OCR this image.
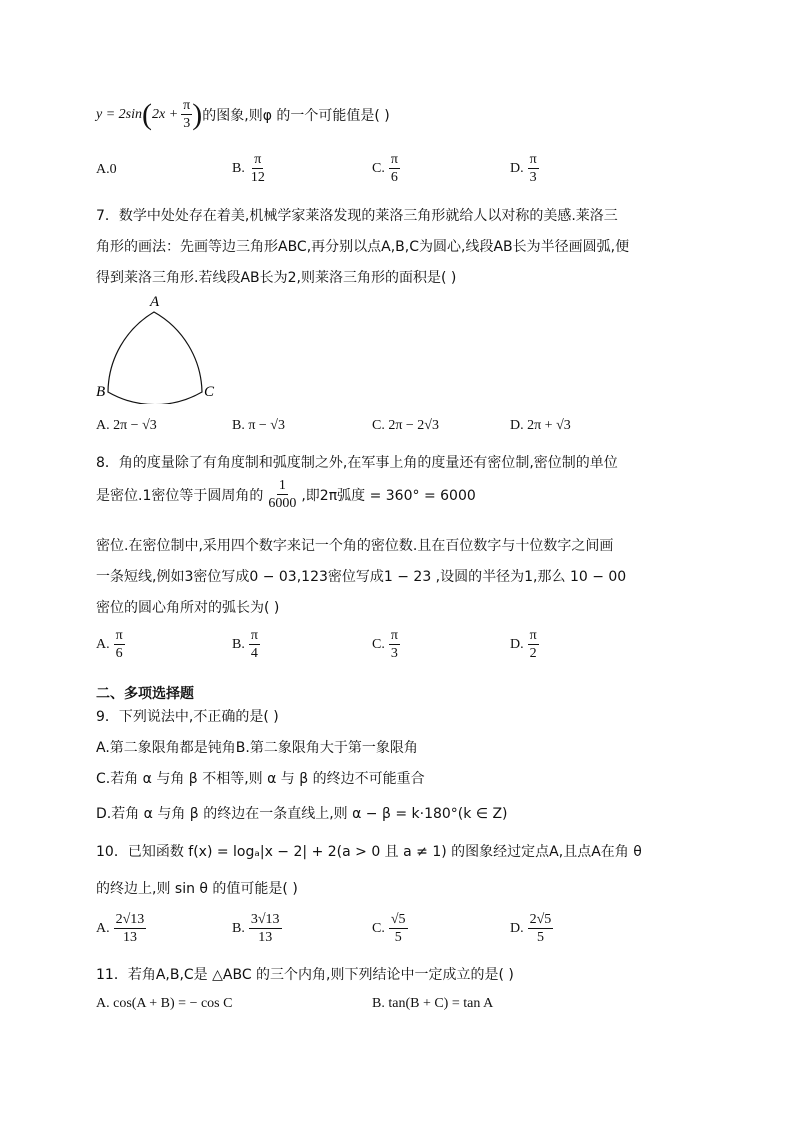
y = 2sin ( $2x + \frac{\pi}{3}$ ) 的图象,则φ 的一个可能值是( )
A.0	B. $\frac{\pi}{12}$	C. $\frac{\pi}{6}$	D. $\frac{\pi}{3}$
7．数学中处处存在着美,机械学家莱洛发现的莱洛三角形就给人以对称的美感.莱洛三
角形的画法：先画等边三角形ABC,再分别以点A,B,C为圆心,线段AB长为半径画圆弧,便
得到莱洛三角形.若线段AB长为2,则莱洛三角形的面积是( )
A
B	C
A. 2π − √3	B. π − √3	C. 2π − 2√3	D. 2π + √3
8．角的度量除了有角度制和弧度制之外,在军事上角的度量还有密位制,密位制的单位
是密位.1密位等于圆周角的 $\frac{1}{6000}$ ,即2π弧度 = 360° = 6000
密位.在密位制中,采用四个数字来记一个角的密位数.且在百位数字与十位数字之间画
一条短线,例如3密位写成0 − 03,123密位写成1 − 23 ,设圆的半径为1,那么 10 − 00
密位的圆心角所对的弧长为( )
A. $\frac{\pi}{6}$	B. $\frac{\pi}{4}$	C. $\frac{\pi}{3}$	D. $\frac{\pi}{2}$
二、多项选择题
9．下列说法中,不正确的是( )
A.第二象限角都是钝角B.第二象限角大于第一象限角
C.若角 α 与角 β 不相等,则 α 与 β 的终边不可能重合
D.若角 α 与角 β 的终边在一条直线上,则 α − β = k·180°(k ∈ Z)
10．已知函数 f(x) = logₐ|x − 2| + 2(a > 0 且 a ≠ 1) 的图象经过定点A,且点A在角 θ
的终边上,则 sin θ 的值可能是( )
A. $\frac{2√13}{13}$	B. $\frac{3√13}{13}$	C. $\frac{√5}{5}$	D. $\frac{2√5}{5}$
11．若角A,B,C是 △ABC 的三个内角,则下列结论中一定成立的是( )
A. cos(A + B) = − cos C	B. tan(B + C) = tan A
